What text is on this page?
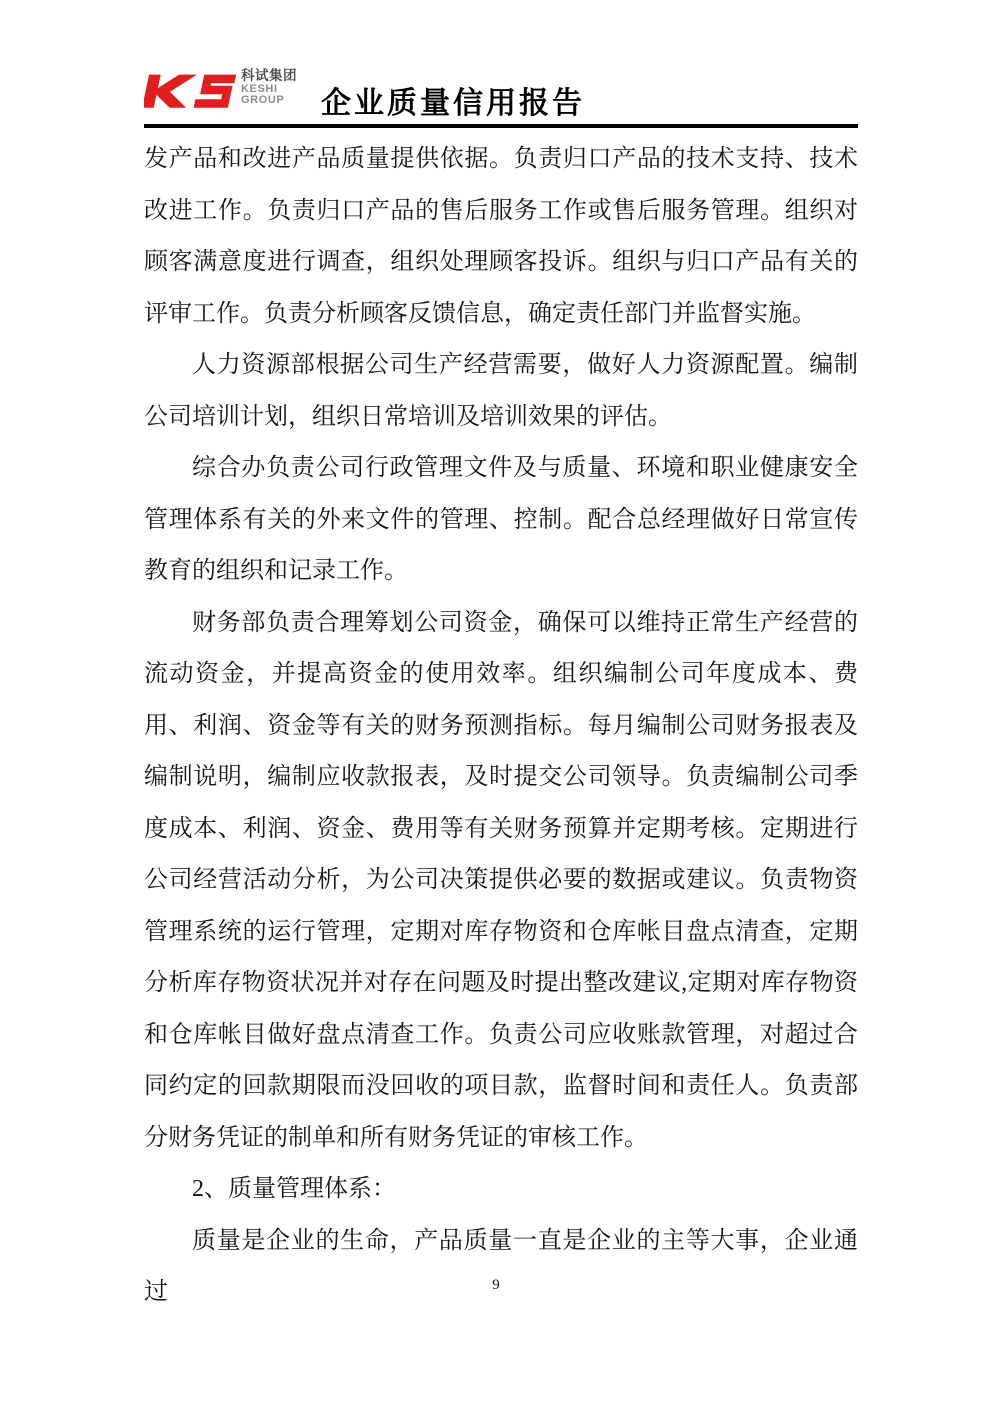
科试集团
KESHI
GROUP	企业质量信用报告

发产品和改进产品质量提供依据。负责归口产品的技术支持、技术改进工作。负责归口产品的售后服务工作或售后服务管理。组织对顾客满意度进行调查，组织处理顾客投诉。组织与归口产品有关的评审工作。负责分析顾客反馈信息，确定责任部门并监督实施。

人力资源部根据公司生产经营需要，做好人力资源配置。编制公司培训计划，组织日常培训及培训效果的评估。

综合办负责公司行政管理文件及与质量、环境和职业健康安全管理体系有关的外来文件的管理、控制。配合总经理做好日常宣传教育的组织和记录工作。

财务部负责合理筹划公司资金，确保可以维持正常生产经营的流动资金，并提高资金的使用效率。组织编制公司年度成本、费用、利润、资金等有关的财务预测指标。每月编制公司财务报表及编制说明，编制应收款报表，及时提交公司领导。负责编制公司季度成本、利润、资金、费用等有关财务预算并定期考核。定期进行公司经营活动分析，为公司决策提供必要的数据或建议。负责物资管理系统的运行管理，定期对库存物资和仓库帐目盘点清查，定期分析库存物资状况并对存在问题及时提出整改建议,定期对库存物资和仓库帐目做好盘点清查工作。负责公司应收账款管理，对超过合同约定的回款期限而没回收的项目款，监督时间和责任人。负责部分财务凭证的制单和所有财务凭证的审核工作。

2、质量管理体系：

质量是企业的生命，产品质量一直是企业的主等大事，企业通过	9
